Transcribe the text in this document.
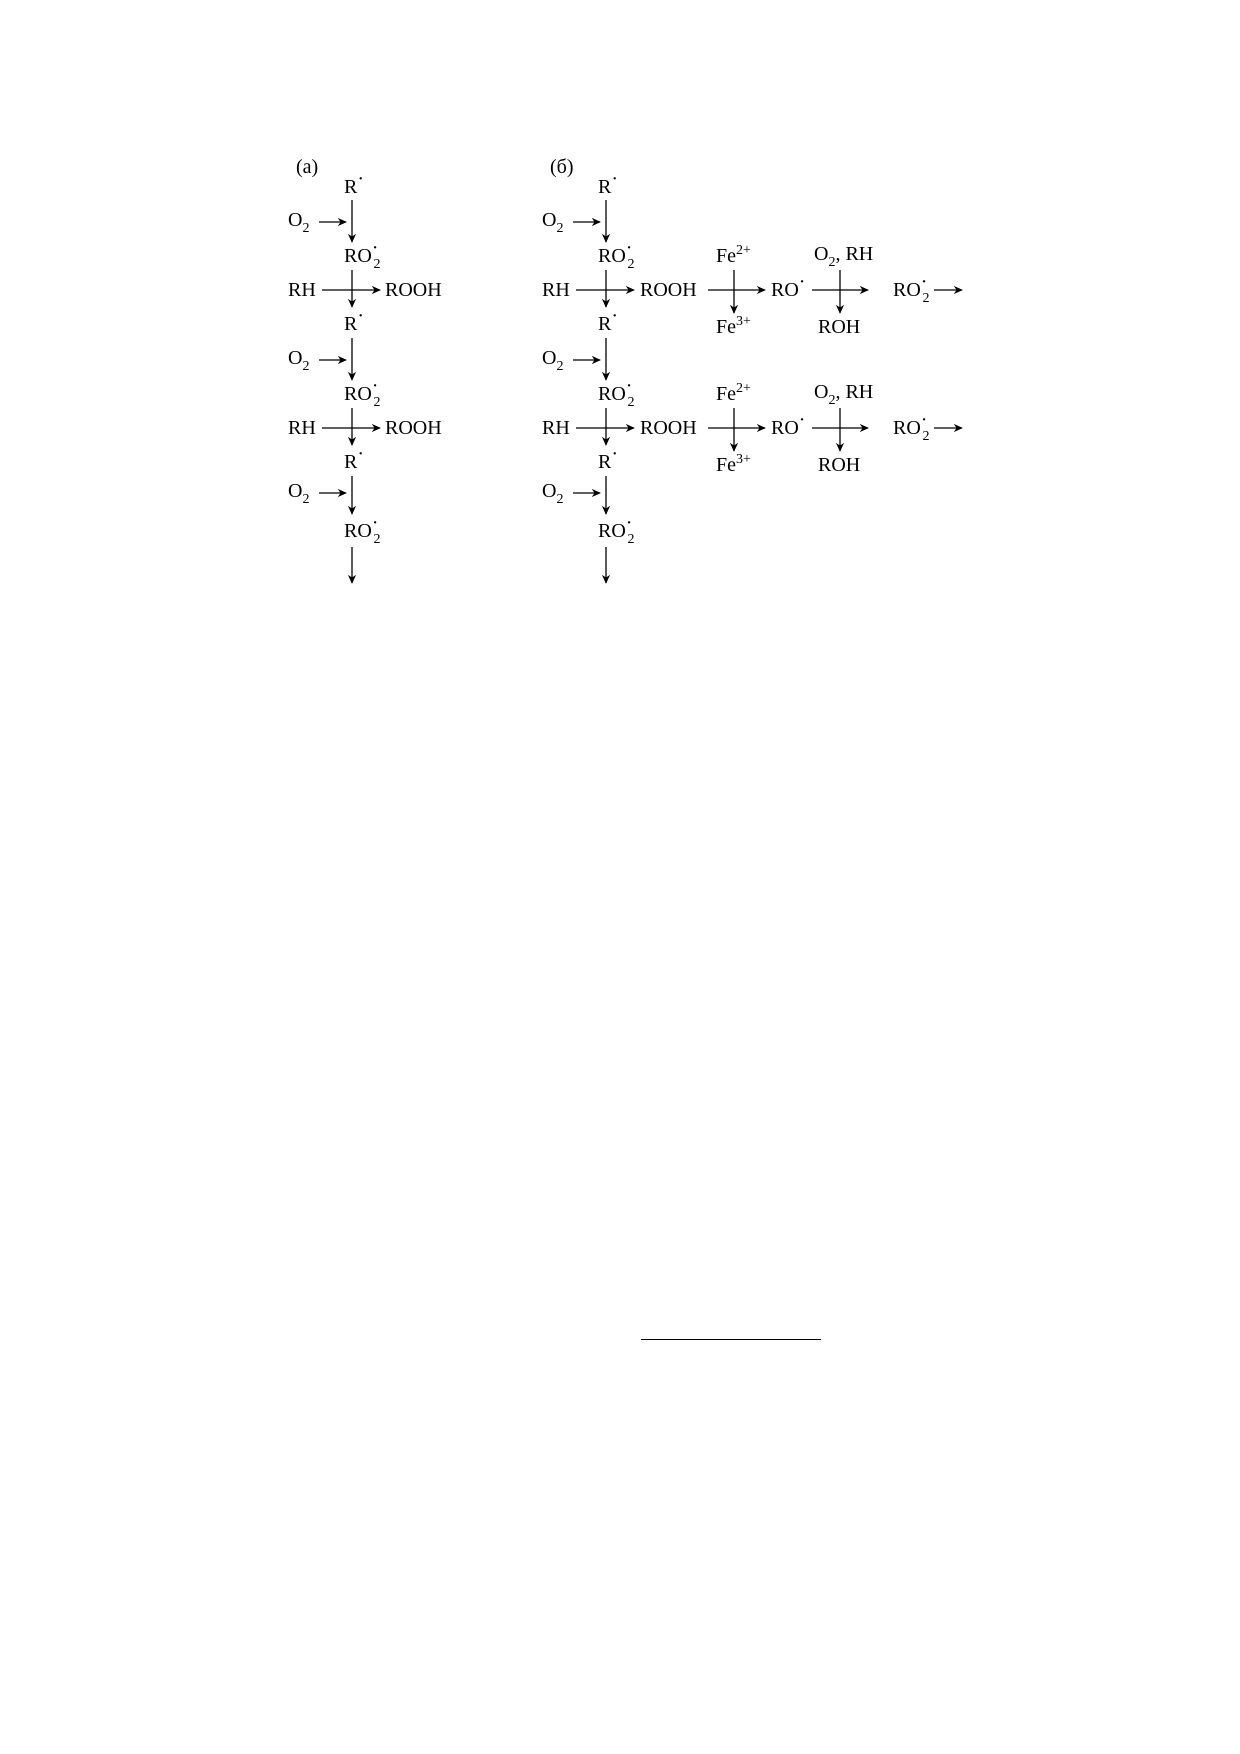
(а)
R·
$O_2$
RO· 2
RH	ROOH
R·
$O_2$
RO· 2
RH	ROOH
R·
$O_2$
RO· 2
(б)
R·
$O_2$
RO· 2	$Fe^{2+}$	$O_2$, RH
RH	ROOH	RO·	RO· 2
R·	$Fe^{3+}$	ROH
$O_2$
RO· 2	$Fe^{2+}$	$O_2$, RH
RH	ROOH	RO·	RO· 2
R·	$Fe^{3+}$	ROH
$O_2$
RO· 2
